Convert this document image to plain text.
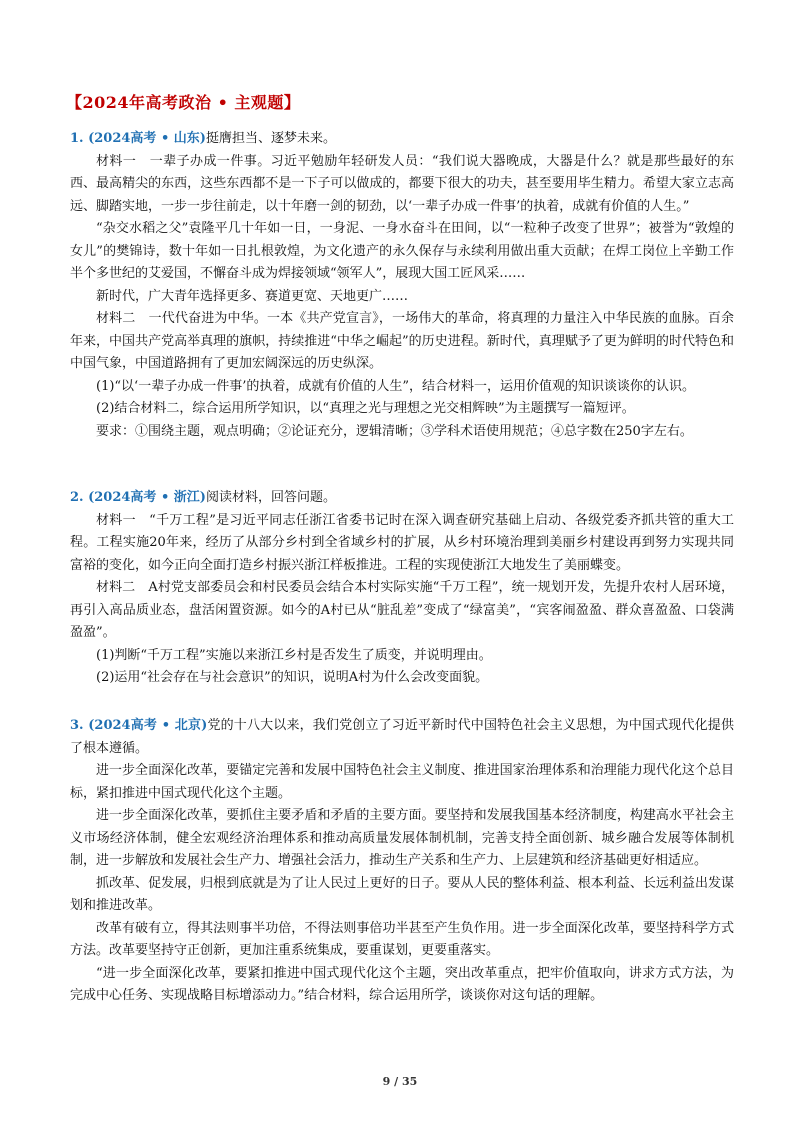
【2024年高考政治 • 主观题】

1. (2024高考 • 山东)挺膺担当、逐梦未来。

材料一　一辈子办成一件事。习近平勉励年轻研发人员：“我们说大器晚成，大器是什么？就是那些最好的东西、最高精尖的东西，这些东西都不是一下子可以做成的，都要下很大的功夫，甚至要用毕生精力。希望大家立志高远、脚踏实地，一步一步往前走，以十年磨一剑的韧劲，以‘一辈子办成一件事’的执着，成就有价值的人生。”

“杂交水稻之父”袁隆平几十年如一日，一身泥、一身水奋斗在田间，以“一粒种子改变了世界”；被誉为“敦煌的女儿”的樊锦诗，数十年如一日扎根敦煌，为文化遗产的永久保存与永续利用做出重大贡献；在焊工岗位上辛勤工作半个多世纪的艾爱国，不懈奋斗成为焊接领域“领军人”，展现大国工匠风采……

新时代，广大青年选择更多、赛道更宽、天地更广……

材料二　一代代奋进为中华。一本《共产党宣言》，一场伟大的革命，将真理的力量注入中华民族的血脉。百余年来，中国共产党高举真理的旗帜，持续推进“中华之崛起”的历史进程。新时代，真理赋予了更为鲜明的时代特色和中国气象，中国道路拥有了更加宏阔深远的历史纵深。

(1)“以‘一辈子办成一件事’的执着，成就有价值的人生”，结合材料一，运用价值观的知识谈谈你的认识。

(2)结合材料二，综合运用所学知识，以“真理之光与理想之光交相辉映”为主题撰写一篇短评。

要求：①围绕主题，观点明确；②论证充分，逻辑清晰；③学科术语使用规范；④总字数在250字左右。

2. (2024高考 • 浙江)阅读材料，回答问题。

材料一　“千万工程”是习近平同志任浙江省委书记时在深入调查研究基础上启动、各级党委齐抓共管的重大工程。工程实施20年来，经历了从部分乡村到全省域乡村的扩展，从乡村环境治理到美丽乡村建设再到努力实现共同富裕的变化，如今正向全面打造乡村振兴浙江样板推进。工程的实现使浙江大地发生了美丽蝶变。

材料二　A村党支部委员会和村民委员会结合本村实际实施“千万工程”，统一规划开发，先提升农村人居环境，再引入高品质业态，盘活闲置资源。如今的A村已从“脏乱差”变成了“绿富美”，“宾客闹盈盈、群众喜盈盈、口袋满盈盈”。

(1)判断“千万工程”实施以来浙江乡村是否发生了质变，并说明理由。

(2)运用“社会存在与社会意识”的知识，说明A村为什么会改变面貌。

3. (2024高考 • 北京)党的十八大以来，我们党创立了习近平新时代中国特色社会主义思想，为中国式现代化提供了根本遵循。

进一步全面深化改革，要锚定完善和发展中国特色社会主义制度、推进国家治理体系和治理能力现代化这个总目标，紧扣推进中国式现代化这个主题。

进一步全面深化改革，要抓住主要矛盾和矛盾的主要方面。要坚持和发展我国基本经济制度，构建高水平社会主义市场经济体制，健全宏观经济治理体系和推动高质量发展体制机制，完善支持全面创新、城乡融合发展等体制机制，进一步解放和发展社会生产力、增强社会活力，推动生产关系和生产力、上层建筑和经济基础更好相适应。

抓改革、促发展，归根到底就是为了让人民过上更好的日子。要从人民的整体利益、根本利益、长远利益出发谋划和推进改革。

改革有破有立，得其法则事半功倍，不得法则事倍功半甚至产生负作用。进一步全面深化改革，要坚持科学方式方法。改革要坚持守正创新，更加注重系统集成，要重谋划，更要重落实。

“进一步全面深化改革，要紧扣推进中国式现代化这个主题，突出改革重点，把牢价值取向，讲求方式方法，为完成中心任务、实现战略目标增添动力。”结合材料，综合运用所学，谈谈你对这句话的理解。

9 / 35
